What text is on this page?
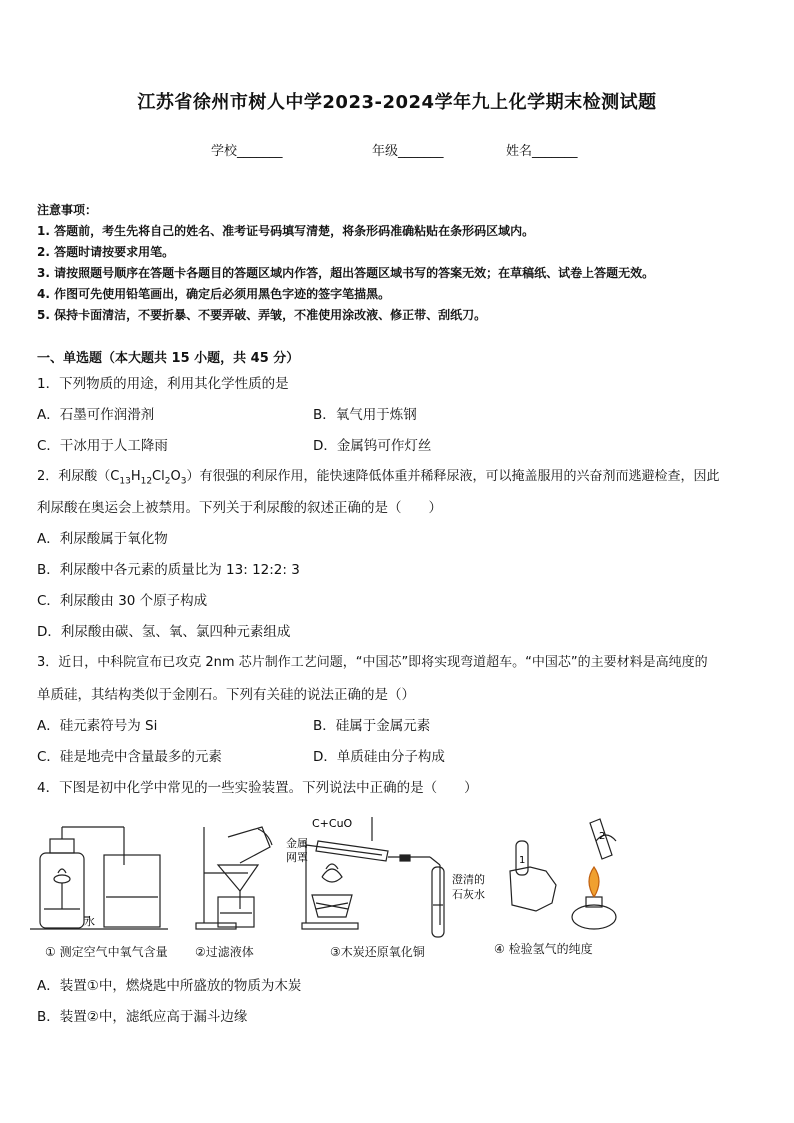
江苏省徐州市树人中学2023-2024学年九上化学期末检测试题
学校_______	年级_______	姓名_______
注意事项：
1. 答题前，考生先将自己的姓名、准考证号码填写清楚，将条形码准确粘贴在条形码区域内。
2. 答题时请按要求用笔。
3. 请按照题号顺序在答题卡各题目的答题区域内作答，超出答题区域书写的答案无效；在草稿纸、试卷上答题无效。
4. 作图可先使用铅笔画出，确定后必须用黑色字迹的签字笔描黑。
5. 保持卡面清洁，不要折暴、不要弄破、弄皱，不准使用涂改液、修正带、刮纸刀。
一、单选题（本大题共 15 小题，共 45 分）
1．下列物质的用途，利用其化学性质的是
A．石墨可作润滑剂	B．氧气用于炼钢
C．干冰用于人工降雨	D．金属钨可作灯丝
2．利尿酸$(C_{13}H_{12}Cl_2O_3)$有很强的利尿作用，能快速降低体重并稀释尿液，可以掩盖服用的兴奋剂而逃避检查，因此
利尿酸在奥运会上被禁用。下列关于利尿酸的叙述正确的是（　　）
A．利尿酸属于氧化物
B．利尿酸中各元素的质量比为 13: 12:2: 3
C．利尿酸由 30 个原子构成
D．利尿酸由碳、氢、氧、氯四种元素组成
3．近日，中科院宣布已攻克 2nm 芯片制作工艺问题，“中国芯”即将实现弯道超车。“中国芯”的主要材料是高纯度的
单质硅，其结构类似于金刚石。下列有关硅的说法正确的是（）
A．硅元素符号为 Si	B．硅属于金属元素
C．硅是地壳中含量最多的元素	D．单质硅由分子构成
4．下图是初中化学中常见的一些实验装置。下列说法中正确的是（　　）
水
C+CuO
金属
网罩
澄清的
石灰水
1
2
① 测定空气中氧气含量 ②过滤液体	③木炭还原氧化铜	④ 检验氢气的纯度
A．装置①中，燃烧匙中所盛放的物质为木炭
B．装置②中，滤纸应高于漏斗边缘
